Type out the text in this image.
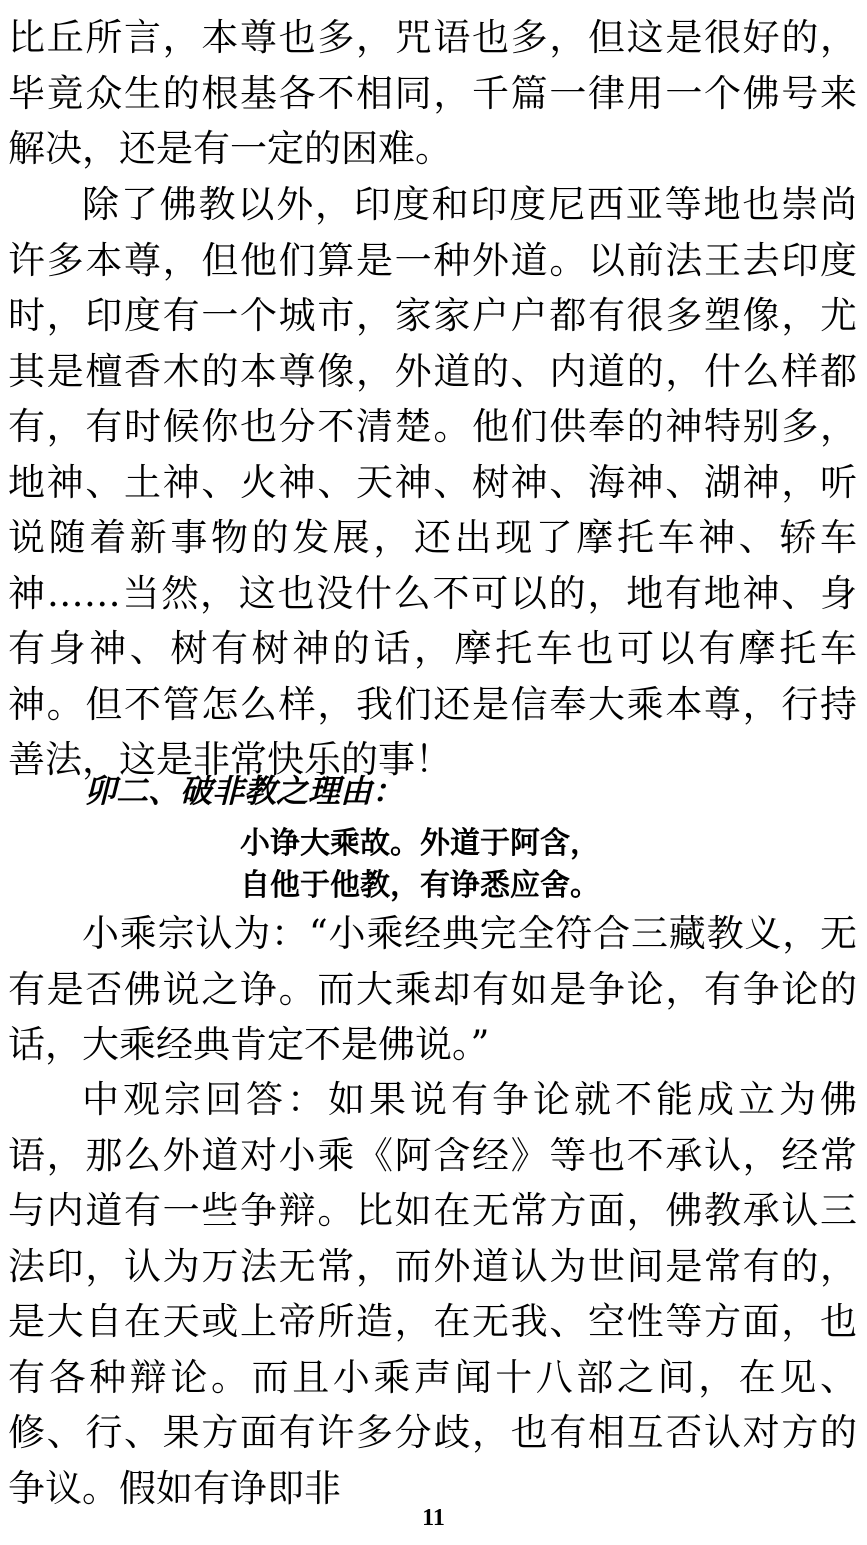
比丘所言，本尊也多，咒语也多，但这是很好的，毕竟众生的根基各不相同，千篇一律用一个佛号来解决，还是有一定的困难。

除了佛教以外，印度和印度尼西亚等地也崇尚许多本尊，但他们算是一种外道。以前法王去印度时，印度有一个城市，家家户户都有很多塑像，尤其是檀香木的本尊像，外道的、内道的，什么样都有，有时候你也分不清楚。他们供奉的神特别多，地神、土神、火神、天神、树神、海神、湖神，听说随着新事物的发展，还出现了摩托车神、轿车神……当然，这也没什么不可以的，地有地神、身有身神、树有树神的话，摩托车也可以有摩托车神。但不管怎么样，我们还是信奉大乘本尊，行持善法，这是非常快乐的事！

卯二、破非教之理由：
小诤大乘故。外道于阿含，
自他于他教，有诤悉应舍。

小乘宗认为：“小乘经典完全符合三藏教义，无有是否佛说之诤。而大乘却有如是争论，有争论的话，大乘经典肯定不是佛说。”

中观宗回答：如果说有争论就不能成立为佛语，那么外道对小乘《阿含经》等也不承认，经常与内道有一些争辩。比如在无常方面，佛教承认三法印，认为万法无常，而外道认为世间是常有的，是大自在天或上帝所造，在无我、空性等方面，也有各种辩论。而且小乘声闻十八部之间，在见、修、行、果方面有许多分歧，也有相互否认对方的争议。假如有诤即非

11
